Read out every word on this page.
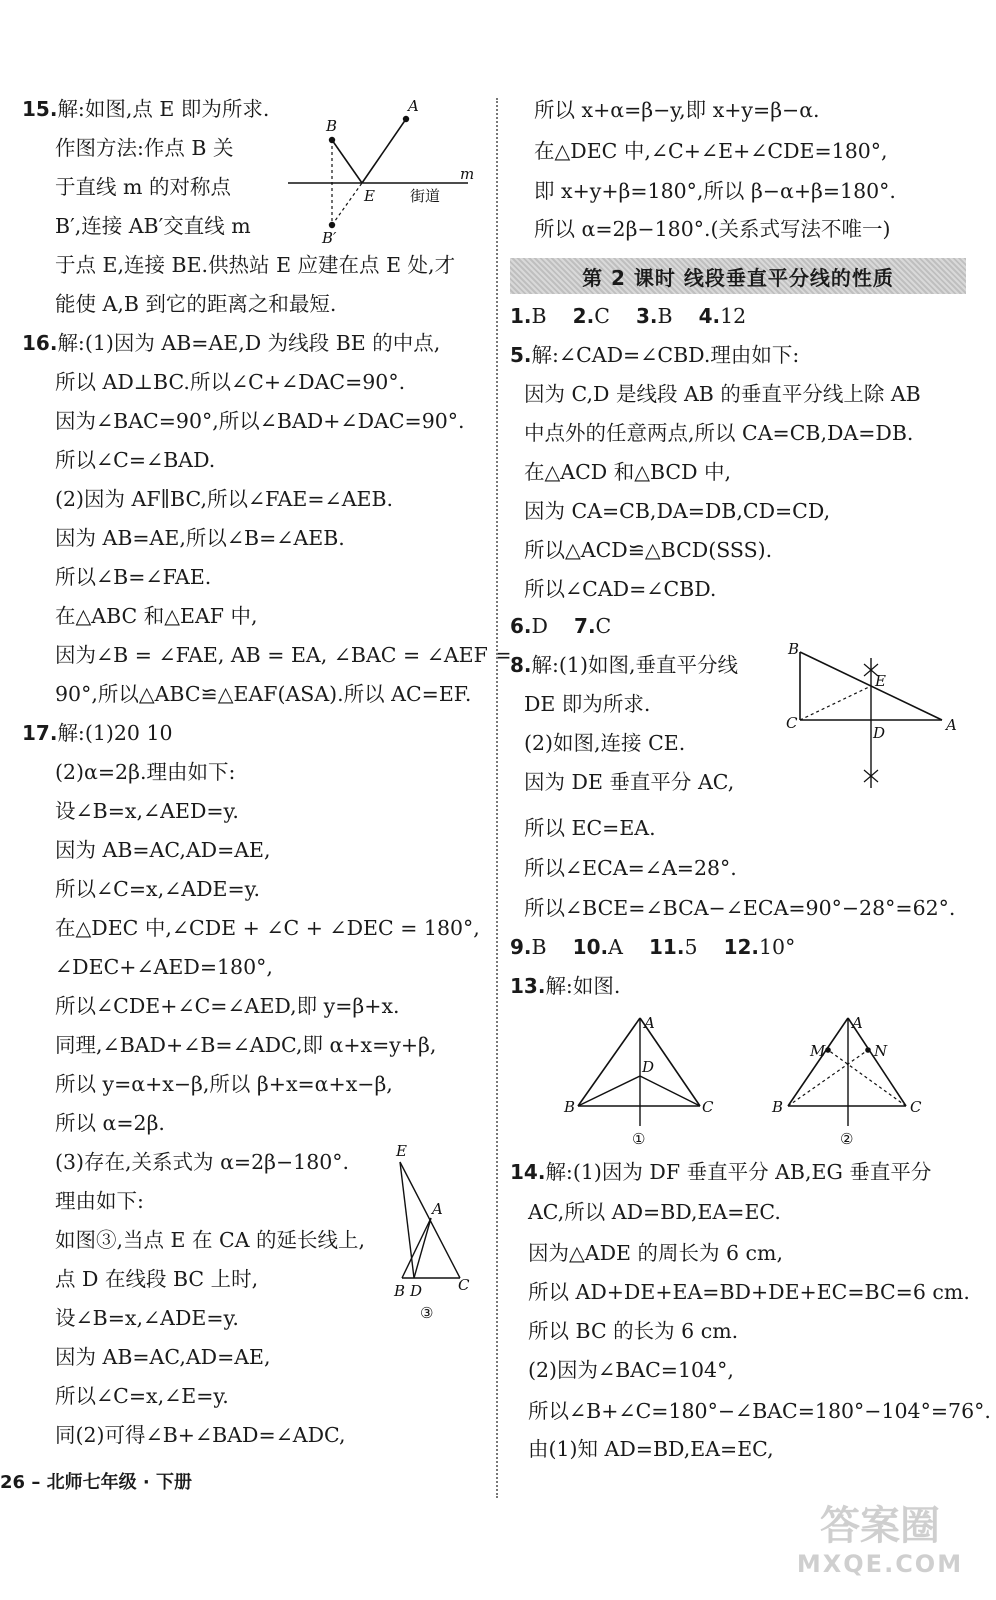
15.解:如图,点 E 即为所求.
作图方法:作点 B 关
于直线 m 的对称点
B′,连接 AB′交直线 m
于点 E,连接 BE.供热站 E 应建在点 E 处,才
能使 A,B 到它的距离之和最短.
16.解:(1)因为 AB=AE,D 为线段 BE 的中点,
所以 AD⊥BC.所以∠C+∠DAC=90°.
因为∠BAC=90°,所以∠BAD+∠DAC=90°.
所以∠C=∠BAD.
(2)因为 AF∥BC,所以∠FAE=∠AEB.
因为 AB=AE,所以∠B=∠AEB.
所以∠B=∠FAE.
在△ABC 和△EAF 中,
因为∠B = ∠FAE, AB = EA, ∠BAC = ∠AEF =
90°,所以△ABC≌△EAF(ASA).所以 AC=EF.
17.解:(1)20 10
(2)α=2β.理由如下:
设∠B=x,∠AED=y.
因为 AB=AC,AD=AE,
所以∠C=x,∠ADE=y.
在△DEC 中,∠CDE + ∠C + ∠DEC = 180°,
∠DEC+∠AED=180°,
所以∠CDE+∠C=∠AED,即 y=β+x.
同理,∠BAD+∠B=∠ADC,即 α+x=y+β,
所以 y=α+x−β,所以 β+x=α+x−β,
所以 α=2β.
(3)存在,关系式为 α=2β−180°.
理由如下:
如图③,当点 E 在 CA 的延长线上,
点 D 在线段 BC 上时,
设∠B=x,∠ADE=y.
因为 AB=AC,AD=AE,
所以∠C=x,∠E=y.
同(2)可得∠B+∠BAD=∠ADC,
B
A
E
B′
m
街道
E
A
B D C
③
26 – 北师七年级 · 下册
所以 x+α=β−y,即 x+y=β−α.
在△DEC 中,∠C+∠E+∠CDE=180°,
即 x+y+β=180°,所以 β−α+β=180°.
所以 α=2β−180°.(关系式写法不唯一)
第 2 课时 线段垂直平分线的性质
1.B 2.C 3.B 4.12
5.解:∠CAD=∠CBD.理由如下:
因为 C,D 是线段 AB 的垂直平分线上除 AB
中点外的任意两点,所以 CA=CB,DA=DB.
在△ACD 和△BCD 中,
因为 CA=CB,DA=DB,CD=CD,
所以△ACD≌△BCD(SSS).
所以∠CAD=∠CBD.
6.D 7.C
8.解:(1)如图,垂直平分线
DE 即为所求.
(2)如图,连接 CE.
因为 DE 垂直平分 AC,
所以 EC=EA.
所以∠ECA=∠A=28°.
所以∠BCE=∠BCA−∠ECA=90°−28°=62°.
9.B 10.A 11.5 12.10°
13.解:如图.
14.解:(1)因为 DF 垂直平分 AB,EG 垂直平分
AC,所以 AD=BD,EA=EC.
因为△ADE 的周长为 6 cm,
所以 AD+DE+EA=BD+DE+EC=BC=6 cm.
所以 BC 的长为 6 cm.
(2)因为∠BAC=104°,
所以∠B+∠C=180°−∠BAC=180°−104°=76°.
由(1)知 AD=BD,EA=EC,
B
E
C
D	A
A
D
B	C
①
A
M	N
B	C
②
答案圈
MXQE.COM
